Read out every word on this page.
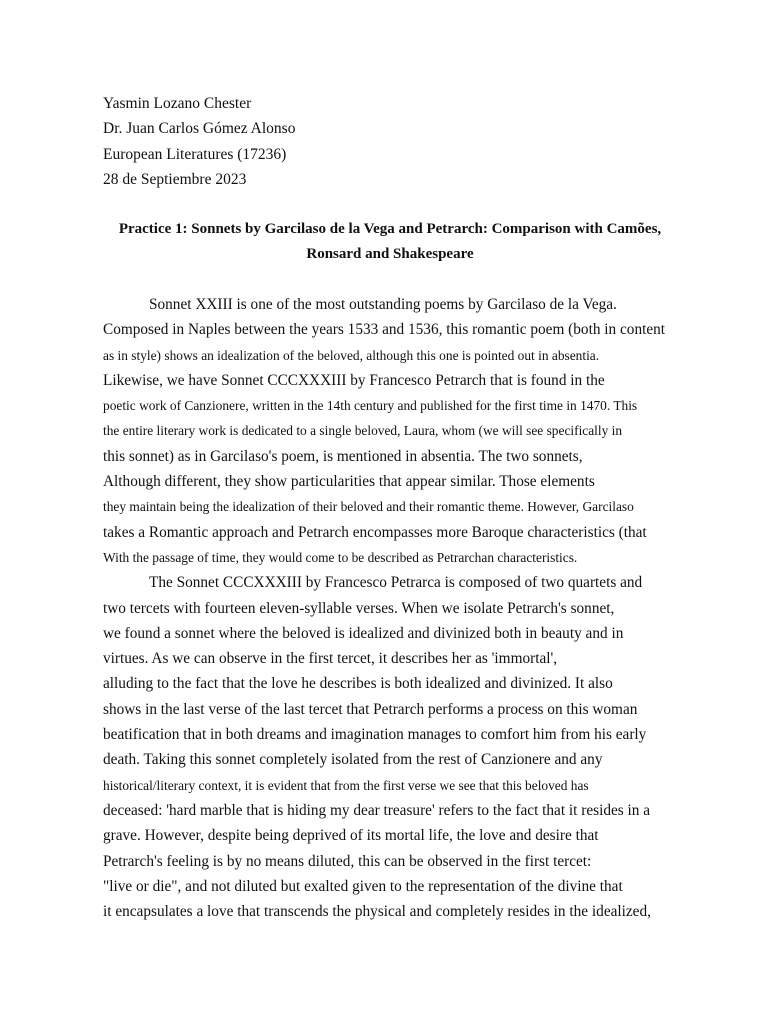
Yasmin Lozano Chester
Dr. Juan Carlos Gómez Alonso
European Literatures (17236)
28 de Septiembre 2023
Practice 1: Sonnets by Garcilaso de la Vega and Petrarch: Comparison with Camões,
Ronsard and Shakespeare
Sonnet XXIII is one of the most outstanding poems by Garcilaso de la Vega.
Composed in Naples between the years 1533 and 1536, this romantic poem (both in content
as in style) shows an idealization of the beloved, although this one is pointed out in absentia.
Likewise, we have Sonnet CCCXXXIII by Francesco Petrarch that is found in the
poetic work of Canzionere, written in the 14th century and published for the first time in 1470. This
the entire literary work is dedicated to a single beloved, Laura, whom (we will see specifically in
this sonnet) as in Garcilaso's poem, is mentioned in absentia. The two sonnets,
Although different, they show particularities that appear similar. Those elements
they maintain being the idealization of their beloved and their romantic theme. However, Garcilaso
takes a Romantic approach and Petrarch encompasses more Baroque characteristics (that
With the passage of time, they would come to be described as Petrarchan characteristics.
The Sonnet CCCXXXIII by Francesco Petrarca is composed of two quartets and
two tercets with fourteen eleven-syllable verses. When we isolate Petrarch's sonnet,
we found a sonnet where the beloved is idealized and divinized both in beauty and in
virtues. As we can observe in the first tercet, it describes her as 'immortal',
alluding to the fact that the love he describes is both idealized and divinized. It also
shows in the last verse of the last tercet that Petrarch performs a process on this woman
beatification that in both dreams and imagination manages to comfort him from his early
death. Taking this sonnet completely isolated from the rest of Canzionere and any
historical/literary context, it is evident that from the first verse we see that this beloved has
deceased: 'hard marble that is hiding my dear treasure' refers to the fact that it resides in a
grave. However, despite being deprived of its mortal life, the love and desire that
Petrarch's feeling is by no means diluted, this can be observed in the first tercet:
"live or die", and not diluted but exalted given to the representation of the divine that
it encapsulates a love that transcends the physical and completely resides in the idealized,
